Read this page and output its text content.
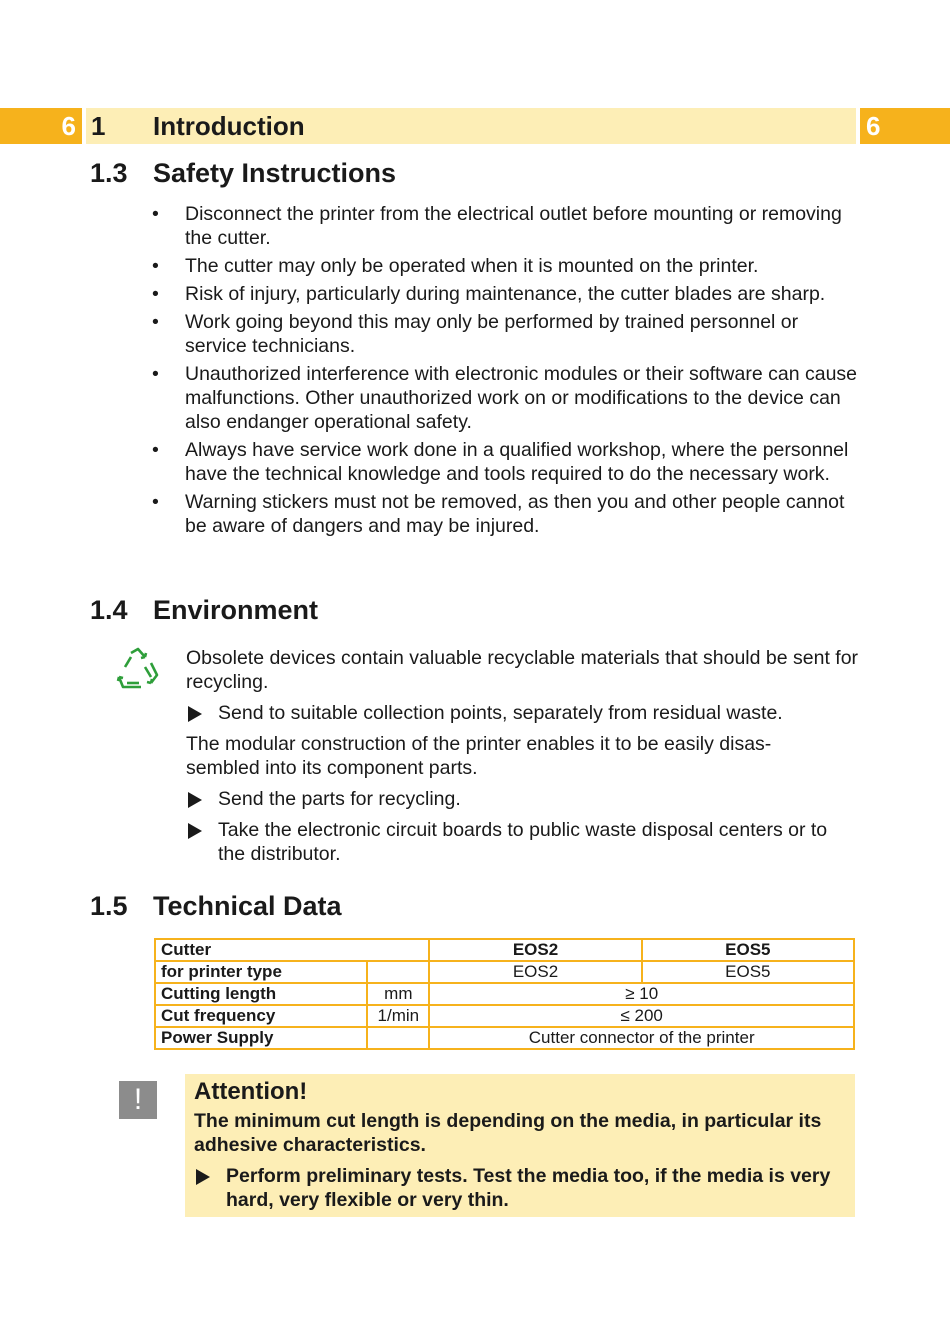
6 1 Introduction	6
1.3 Safety Instructions
• Disconnect the printer from the electrical outlet before mounting or removing the cutter.
• The cutter may only be operated when it is mounted on the printer.
• Risk of injury, particularly during maintenance, the cutter blades are sharp.
• Work going beyond this may only be performed by trained personnel or service technicians.
• Unauthorized interference with electronic modules or their software can cause malfunctions. Other unauthorized work on or modifications to the device can also endanger operational safety.
• Always have service work done in a qualified workshop, where the personnel have the technical knowledge and tools required to do the necessary work.
• Warning stickers must not be removed, as then you and other people cannot be aware of dangers and may be injured.
1.4 Environment
Obsolete devices contain valuable recyclable materials that should be sent for recycling.
Send to suitable collection points, separately from residual waste.
The modular construction of the printer enables it to be easily disas-sembled into its component parts.
Send the parts for recycling.
Take the electronic circuit boards to public waste disposal centers or to the distributor.
1.5 Technical Data
Cutter		EOS2	EOS5
for printer type		EOS2	EOS5
Cutting length	mm	≥ 10	
Cut frequency	1/min	≤ 200	
Power Supply		Cutter connector of the printer	
!	Attention!
The minimum cut length is depending on the media, in particular its adhesive characteristics.
Perform preliminary tests. Test the media too, if the media is very hard, very flexible or very thin.
